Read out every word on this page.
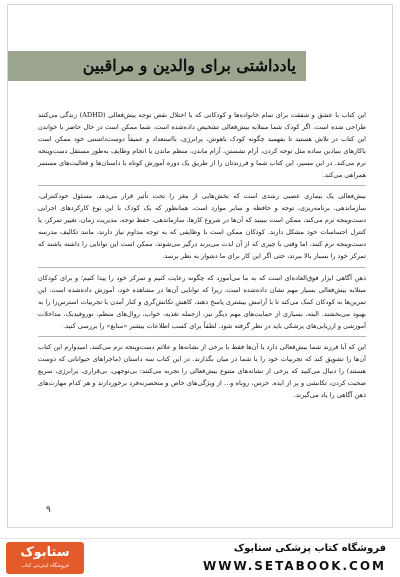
یادداشتی برای والدین و مراقبین

این کتاب با عشق و شفقت برای تمام خانواده‌ها و کودکانی که با اختلال نقص توجه بیش‌فعالی (ADHD) زندگی می‌کنند طراحی شده است. اگر کودک شما مبتلابه بیش‌فعالی تشخیص داده‌شده است، شما ممکن است در حال حاضر با خواندن این کتاب در تلاش هستید تا بفهمید چگونه کودک باهوش، پرانرژی، بااستعداد و عمیقاً دوست‌داشتنی خود ممکن است باکارهای بنیادین ساده مثل توجه کردن، آرام نشستن، آرام ماندن، منظم ماندن یا انجام وظایف به‌طور مستقل دست‌وپنجه نرم می‌کند. در این مسیر، این کتاب شما و فرزندتان را از طریق یک دوره آموزش کوتاه با داستان‌ها و فعالیت‌های مستمر همراهی می‌کند.

بیش‌فعالی یک بیماری عصبی رشدی است که بخش‌هایی از مغز را تحت تأثیر قرار می‌دهد، مسئول خودکنترلی، سازماندهی، برنامه‌ریزی، توجه و حافظه و سایر موارد است. همانطور که یک کودک با این نوع کارکردهای اجرایی دست‌وپنجه نرم می‌کند، ممکن است ببینید که آن‌ها در شروع کارها، سازماندهی، حفظ توجه، مدیریت زمان، تغییر تمرکز، یا کنترل احساسات خود مشکل دارند. کودکان ممکن است با وظایفی که به توجه مداوم نیاز دارند، مانند تکالیف مدرسه دست‌وپنجه نرم کنند، اما وقتی با چیزی که از آن لذت می‌برند درگیر می‌شوند، ممکن است این توانایی را داشته باشند که تمرکز خود را بسیار بالا ببرند، حتی اگر این کار برای ما دشوار به نظر برسد.

ذهن آگاهی ابزار فوق‌العاده‌ای است که به ما می‌آموزد که چگونه رعایت کنیم و تمرکز خود را پیدا کنیم؛ و برای کودکان مبتلابه بیش‌فعالی بسیار مهم نشان داده‌شده است، زیرا که توانایی آن‌ها در مشاهده خود، آموزش داده‌شده است. این تمرین‌ها به کودکان کمک می‌کند تا با آرامش بیشتری پاسخ دهند، کاهش تکانش‌گری و کنار آمدن با تجربیات استرس‌زا را به بهبود می‌بخشند. البته، بسیاری از حمایت‌های مهم دیگر نیز، ازجمله تغذیه، خواب، روال‌های منظم، نوروفیدبک، مداخلات آموزشی و ارزیابی‌های پزشکی باید در نظر گرفته شود. لطفاً برای کسب اطلاعات بیشتر «منابع» را بررسی کنید.

این که آیا فرزند شما بیش‌فعالی دارد یا آن‌ها فقط با برخی از نشانه‌ها و علائم دست‌وپنجه نرم می‌کنند، امیدوارم این کتاب آن‌ها را تشویق کند که تجربیات خود را با شما در میان بگذارند. در این کتاب سه داستان (ماجراهای حیواناتی که دوست هستند) را دنبال می‌کنید که برخی از نشانه‌های متنوع بیش‌فعالی را تجربه می‌کنند: بی‌توجهی، بی‌قراری، پرانرژی، سریع صحبت کردن، تکانشی و پر از ایده. خرس، روباه و... از ویژگی‌های خاص و منحصربه‌فرد برخوردارند و هر کدام مهارت‌های ذهن آگاهی را یاد می‌گیرند.

۹
ستابوک
فروشگاه اینترنتی کتاب
فروشگاه کتاب پزشکی ستابوک
WWW.SETABOOK.COM
